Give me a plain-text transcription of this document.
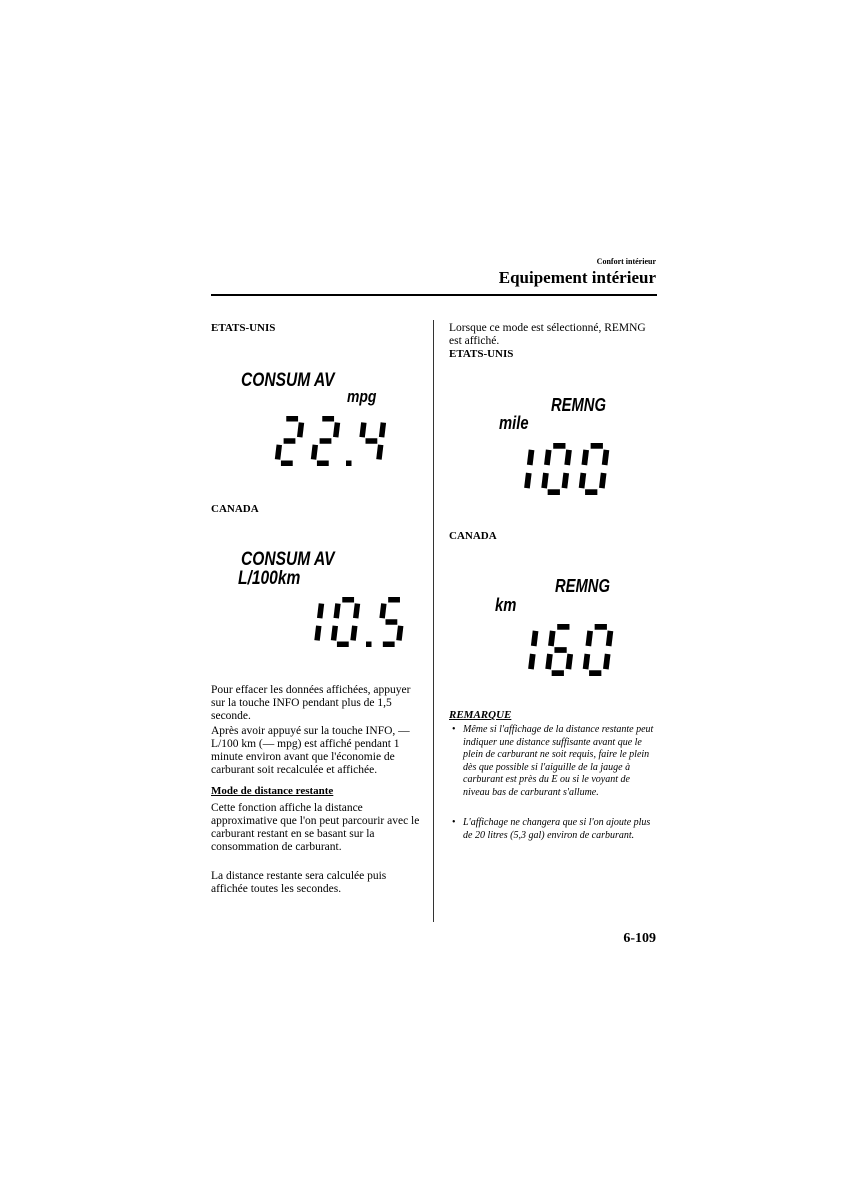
Confort intérieur
Equipement intérieur
ETATS-UNIS
CONSUM AV
mpg
CANADA
CONSUM AV
L/100km
Pour effacer les données affichées, appuyer sur la touche INFO pendant plus de 1,5 seconde.
Après avoir appuyé sur la touche INFO, — L/100 km (— mpg) est affiché pendant 1 minute environ avant que l'économie de carburant soit recalculée et affichée.
Mode de distance restante
Cette fonction affiche la distance approximative que l'on peut parcourir avec le carburant restant en se basant sur la consommation de carburant.
La distance restante sera calculée puis affichée toutes les secondes.
Lorsque ce mode est sélectionné, REMNG est affiché.
ETATS-UNIS
REMNG
mile
CANADA
REMNG
km
REMARQUE
• Même si l'affichage de la distance restante peut indiquer une distance suffisante avant que le plein de carburant ne soit requis, faire le plein dès que possible si l'aiguille de la jauge à carburant est près du E ou si le voyant de niveau bas de carburant s'allume.
• L'affichage ne changera que si l'on ajoute plus de 20 litres (5,3 gal) environ de carburant.
6-109
